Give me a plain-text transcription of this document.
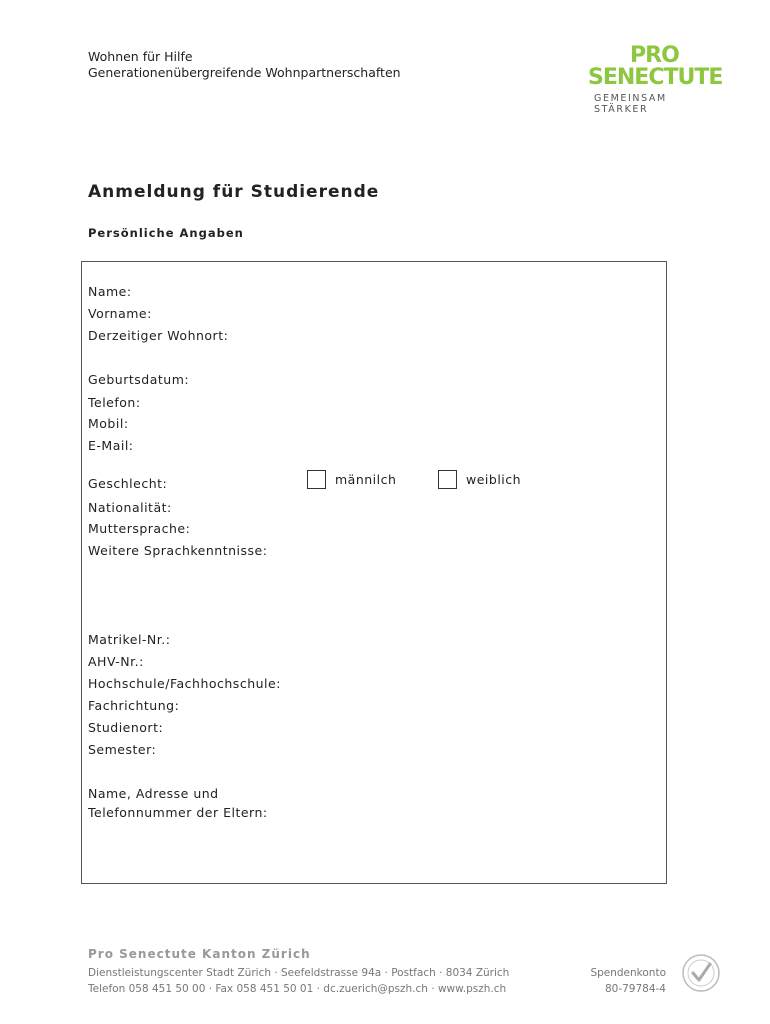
Wohnen für Hilfe
Generationenübergreifende Wohnpartnerschaften
PRO
SENECTUTE
GEMEINSAM STÄRKER
Anmeldung für Studierende
Persönliche Angaben
Name:
Vorname:
Derzeitiger Wohnort:
Geburtsdatum:
Telefon:
Mobil:
E-Mail:
Geschlecht:	männilch	weiblich
Nationalität:
Muttersprache:
Weitere Sprachkenntnisse:
Matrikel-Nr.:
AHV-Nr.:
Hochschule/Fachhochschule:
Fachrichtung:
Studienort:
Semester:
Name, Adresse und
Telefonnummer der Eltern:
Pro Senectute Kanton Zürich
Dienstleistungscenter Stadt Zürich · Seefeldstrasse 94a · Postfach · 8034 Zürich
Telefon 058 451 50 00 · Fax 058 451 50 01 · dc.zuerich@pszh.ch · www.pszh.ch
Spendenkonto
80-79784-4
